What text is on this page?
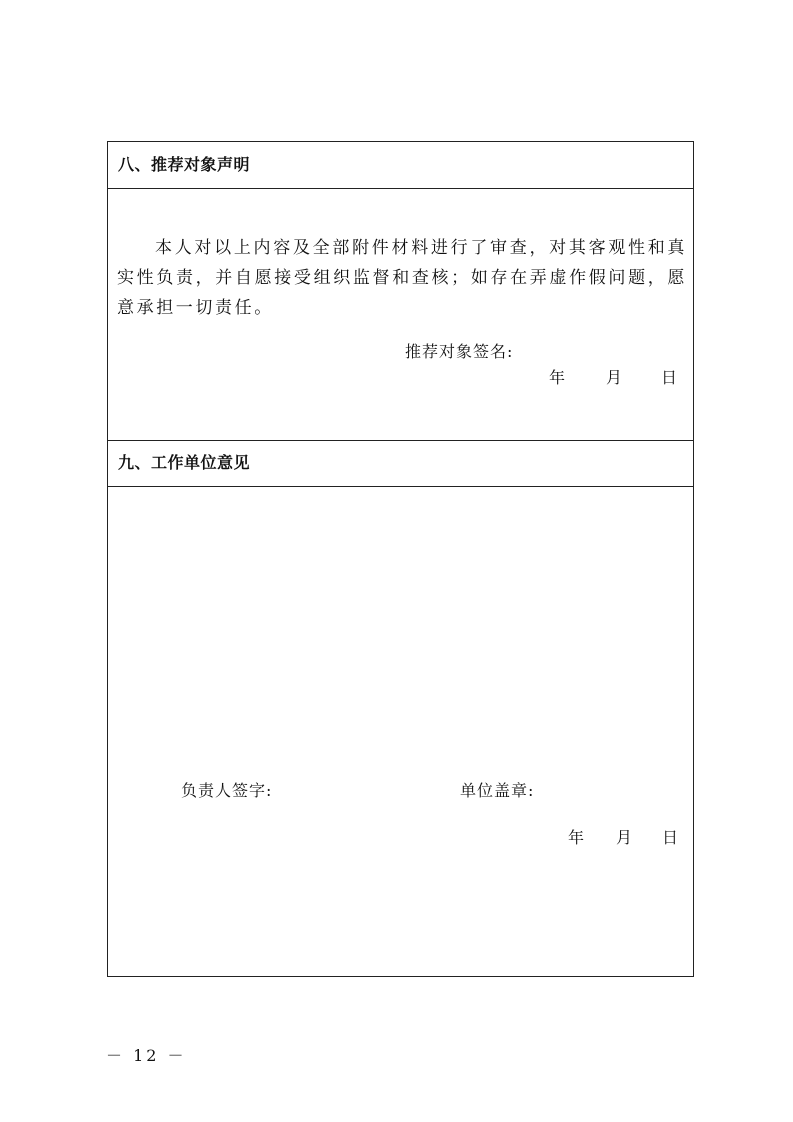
八、推荐对象声明

本人对以上内容及全部附件材料进行了审查，对其客观性和真实性负责，并自愿接受组织监督和查核；如存在弄虚作假问题，愿意承担一切责任。

推荐对象签名:
年	月 日
九、工作单位意见
负责人签字:	单位盖章:
年 月 日
－ 12 －
